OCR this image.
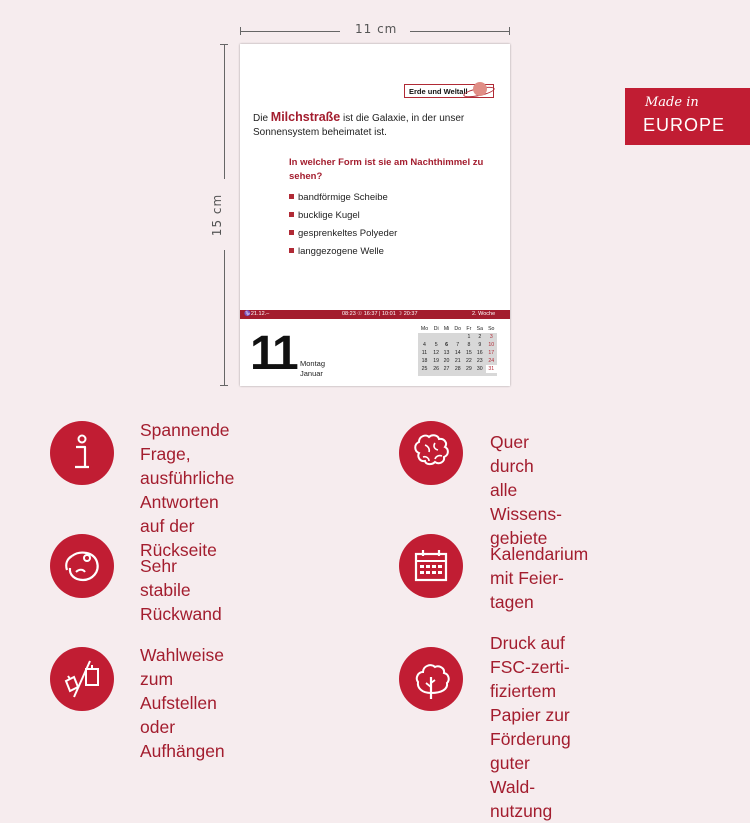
11 cm
15 cm
Erde und Weltall
Die Milchstraße ist die Galaxie, in der unser Sonnensystem beheimatet ist.
In welcher Form ist sie am Nachthimmel zu sehen?
bandförmige Scheibe
bucklige Kugel
gesprenkeltes Polyeder
langgezogene Welle
♑ 21.12.–19.1.
08:23 ☉ 16:37 | 10:01 ☽ 20:37	2. Woche
11 Montag
Januar
Mo	Di	Mi	Do	Fr	Sa	So
				1	2	3
4	5	6	7	8	9	10
11	12	13	14	15	16	17
18	19	20	21	22	23	24
25	26	27	28	29	30	31
Made in
EUROPE
Spannende Frage,
ausführliche Antworten
auf der Rückseite
Quer durch alle Wissens-
gebiete
Sehr stabile Rückwand
Kalendarium mit Feier-
tagen
Wahlweise zum
Aufstellen oder
Aufhängen
Druck auf FSC-zerti-
fiziertem Papier zur
Förderung guter Wald-
nutzung
